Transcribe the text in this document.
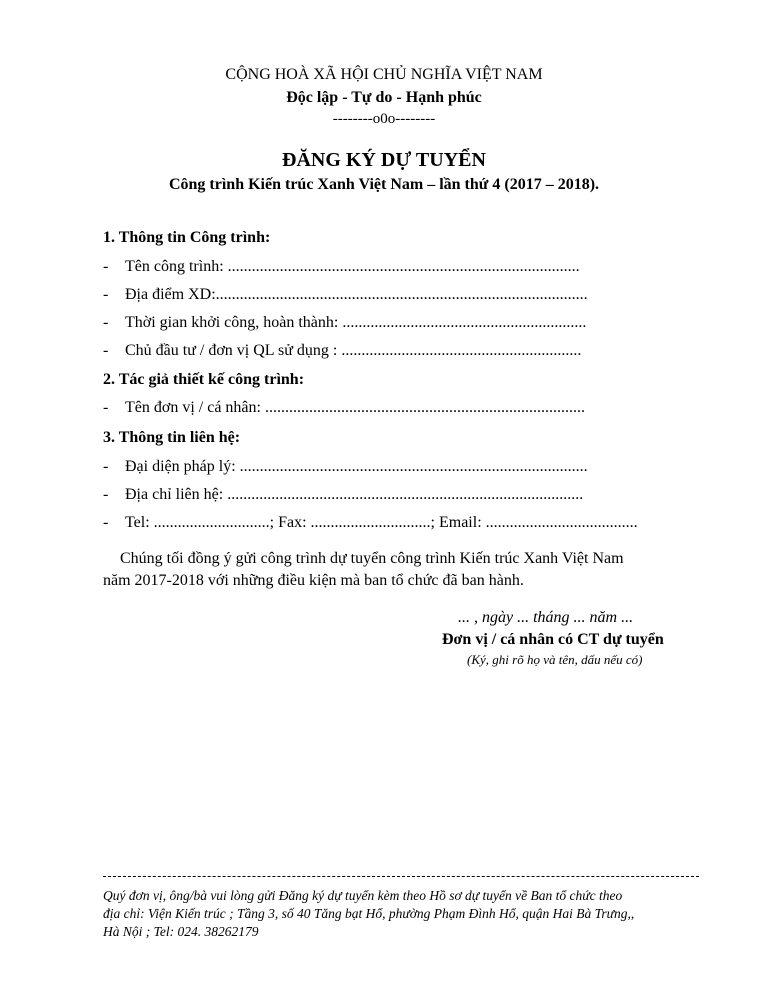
CỘNG HOÀ XÃ HỘI CHỦ NGHĨA VIỆT NAM
Độc lập - Tự do - Hạnh phúc
--------o0o--------
ĐĂNG KÝ DỰ TUYỂN
Công trình Kiến trúc Xanh Việt Nam – lần thứ 4 (2017 – 2018).
1. Thông tin Công trình:
- Tên công trình: ........................................................................................
- Địa điểm XD:.............................................................................................
- Thời gian khởi công, hoàn thành: .............................................................
- Chủ đầu tư / đơn vị QL sử dụng : ............................................................
2. Tác giả thiết kế công trình:
- Tên đơn vị / cá nhân: ................................................................................
3. Thông tin liên hệ:
- Đại diện pháp lý: .......................................................................................
- Địa chỉ liên hệ: .........................................................................................
- Tel: .............................; Fax: ..............................; Email: ......................................
Chúng tối đồng ý gửi công trình dự tuyển công trình Kiến trúc Xanh Việt Nam
năm 2017-2018 với những điều kiện mà ban tổ chức đã ban hành.
... , ngày ... tháng ... năm ...
Đơn vị / cá nhân có CT dự tuyển
(Ký, ghi rõ họ và tên, dấu nếu có)
Quý đơn vị, ông/bà vui lòng gửi Đăng ký dự tuyển kèm theo Hồ sơ dự tuyển về Ban tổ chức theo
địa chỉ: Viện Kiến trúc ; Tầng 3, số 40 Tăng bạt Hổ, phường Phạm Đình Hổ, quận Hai Bà Trưng,,
Hà Nội ; Tel: 024. 38262179
